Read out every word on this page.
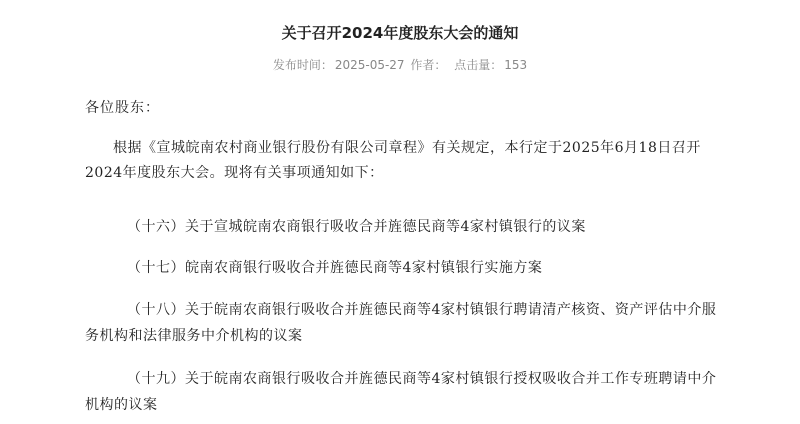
关于召开2024年度股东大会的通知
发布时间： 2025-05-27 作者： 点击量： 153
各位股东：
根据《宣城皖南农村商业银行股份有限公司章程》有关规定，本行定于2025年6月18日召开2024年度股东大会。现将有关事项通知如下：
（十六）关于宣城皖南农商银行吸收合并旌德民商等4家村镇银行的议案
（十七）皖南农商银行吸收合并旌德民商等4家村镇银行实施方案
（十八）关于皖南农商银行吸收合并旌德民商等4家村镇银行聘请清产核资、资产评估中介服务机构和法律服务中介机构的议案
（十九）关于皖南农商银行吸收合并旌德民商等4家村镇银行授权吸收合并工作专班聘请中介机构的议案
